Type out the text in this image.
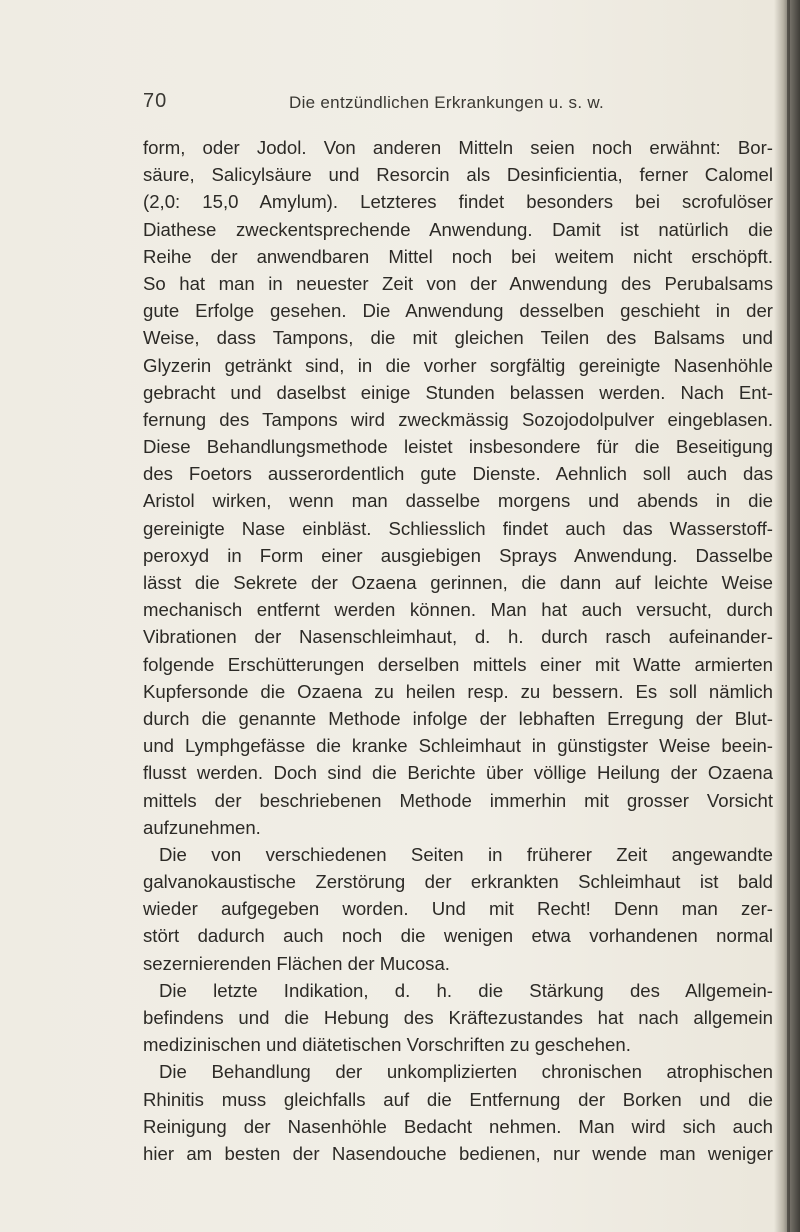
70	Die entzündlichen Erkrankungen u. s. w.
form, oder Jodol. Von anderen Mitteln seien noch erwähnt: Bor-
säure, Salicylsäure und Resorcin als Desinficientia, ferner Calomel
(2,0: 15,0 Amylum). Letzteres findet besonders bei scrofulöser
Diathese zweckentsprechende Anwendung. Damit ist natürlich die
Reihe der anwendbaren Mittel noch bei weitem nicht erschöpft.
So hat man in neuester Zeit von der Anwendung des Perubalsams
gute Erfolge gesehen. Die Anwendung desselben geschieht in der
Weise, dass Tampons, die mit gleichen Teilen des Balsams und
Glyzerin getränkt sind, in die vorher sorgfältig gereinigte Nasenhöhle
gebracht und daselbst einige Stunden belassen werden. Nach Ent-
fernung des Tampons wird zweckmässig Sozojodolpulver eingeblasen.
Diese Behandlungsmethode leistet insbesondere für die Beseitigung
des Foetors ausserordentlich gute Dienste. Aehnlich soll auch das
Aristol wirken, wenn man dasselbe morgens und abends in die
gereinigte Nase einbläst. Schliesslich findet auch das Wasserstoff-
peroxyd in Form einer ausgiebigen Sprays Anwendung. Dasselbe
lässt die Sekrete der Ozaena gerinnen, die dann auf leichte Weise
mechanisch entfernt werden können. Man hat auch versucht, durch
Vibrationen der Nasenschleimhaut, d. h. durch rasch aufeinander-
folgende Erschütterungen derselben mittels einer mit Watte armierten
Kupfersonde die Ozaena zu heilen resp. zu bessern. Es soll nämlich
durch die genannte Methode infolge der lebhaften Erregung der Blut-
und Lymphgefässe die kranke Schleimhaut in günstigster Weise beein-
flusst werden. Doch sind die Berichte über völlige Heilung der Ozaena
mittels der beschriebenen Methode immerhin mit grosser Vorsicht
aufzunehmen.
Die von verschiedenen Seiten in früherer Zeit angewandte
galvanokaustische Zerstörung der erkrankten Schleimhaut ist bald
wieder aufgegeben worden. Und mit Recht! Denn man zer-
stört dadurch auch noch die wenigen etwa vorhandenen normal
sezernierenden Flächen der Mucosa.
Die letzte Indikation, d. h. die Stärkung des Allgemein-
befindens und die Hebung des Kräftezustandes hat nach allgemein
medizinischen und diätetischen Vorschriften zu geschehen.
Die Behandlung der unkomplizierten chronischen atrophischen
Rhinitis muss gleichfalls auf die Entfernung der Borken und die
Reinigung der Nasenhöhle Bedacht nehmen. Man wird sich auch
hier am besten der Nasendouche bedienen, nur wende man weniger
